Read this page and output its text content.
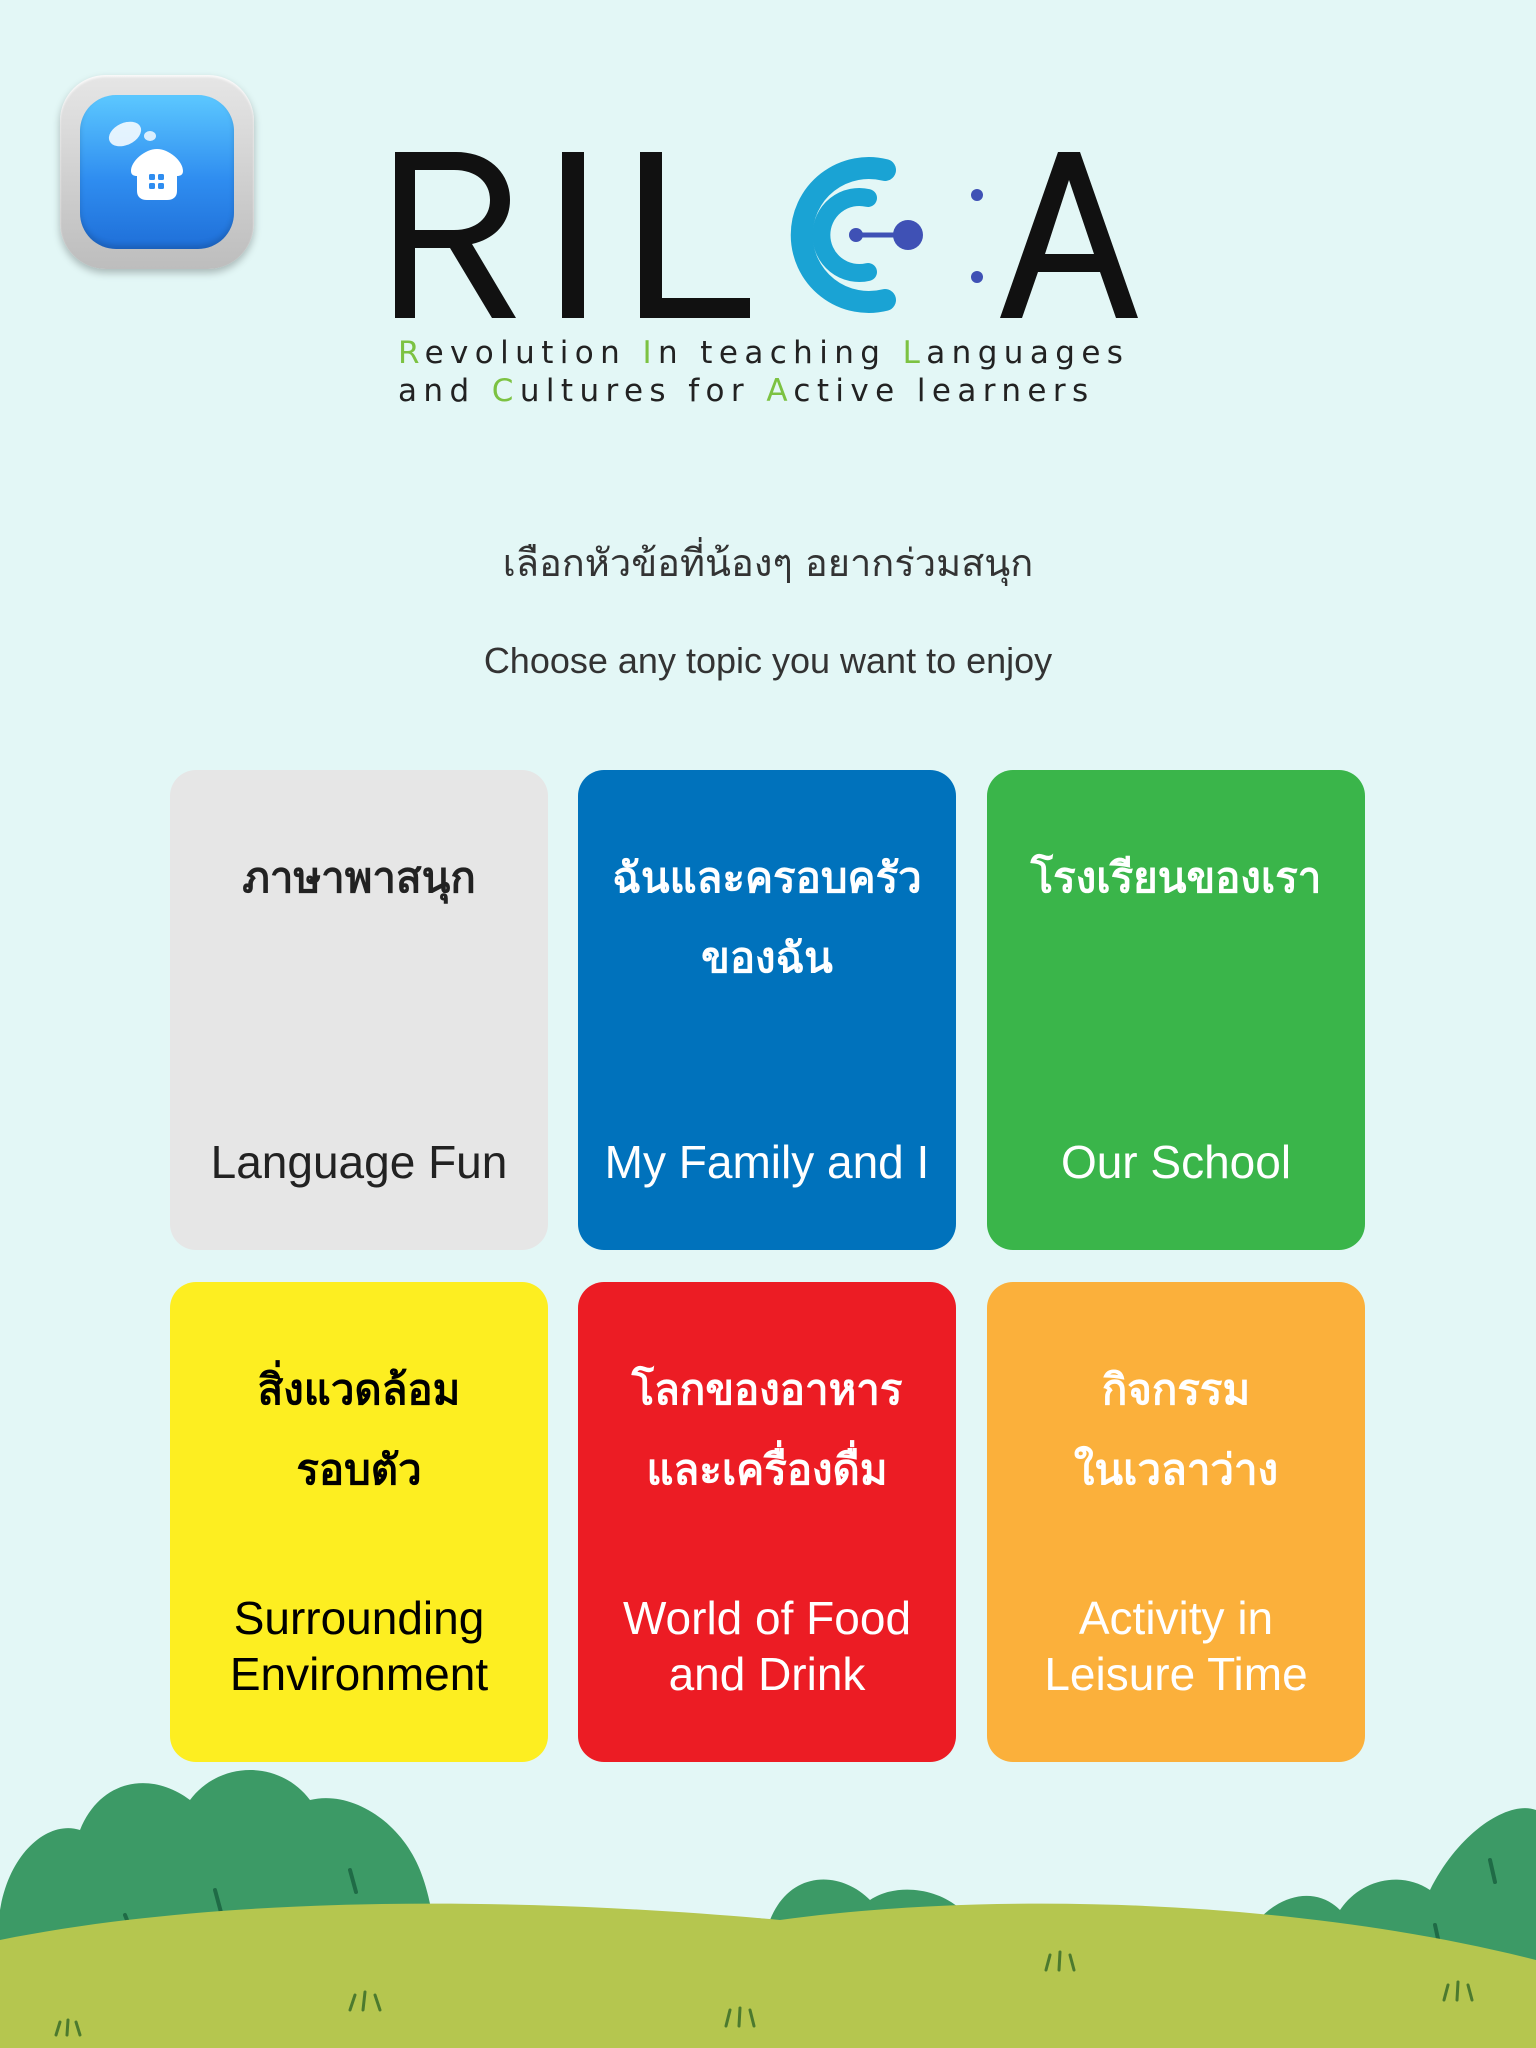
Revolution In teaching Languages
and Cultures for Active learners
เลือกหัวข้อที่น้องๆ อยากร่วมสนุก
Choose any topic you want to enjoy
ภาษาพาสนุก
Language Fun
ฉันและครอบครัว
ของฉัน
My Family and I
โรงเรียนของเรา
Our School
สิ่งแวดล้อม
รอบตัว
Surrounding
Environment
โลกของอาหาร
และเครื่องดื่ม
World of Food
and Drink
กิจกรรม
ในเวลาว่าง
Activity in
Leisure Time
